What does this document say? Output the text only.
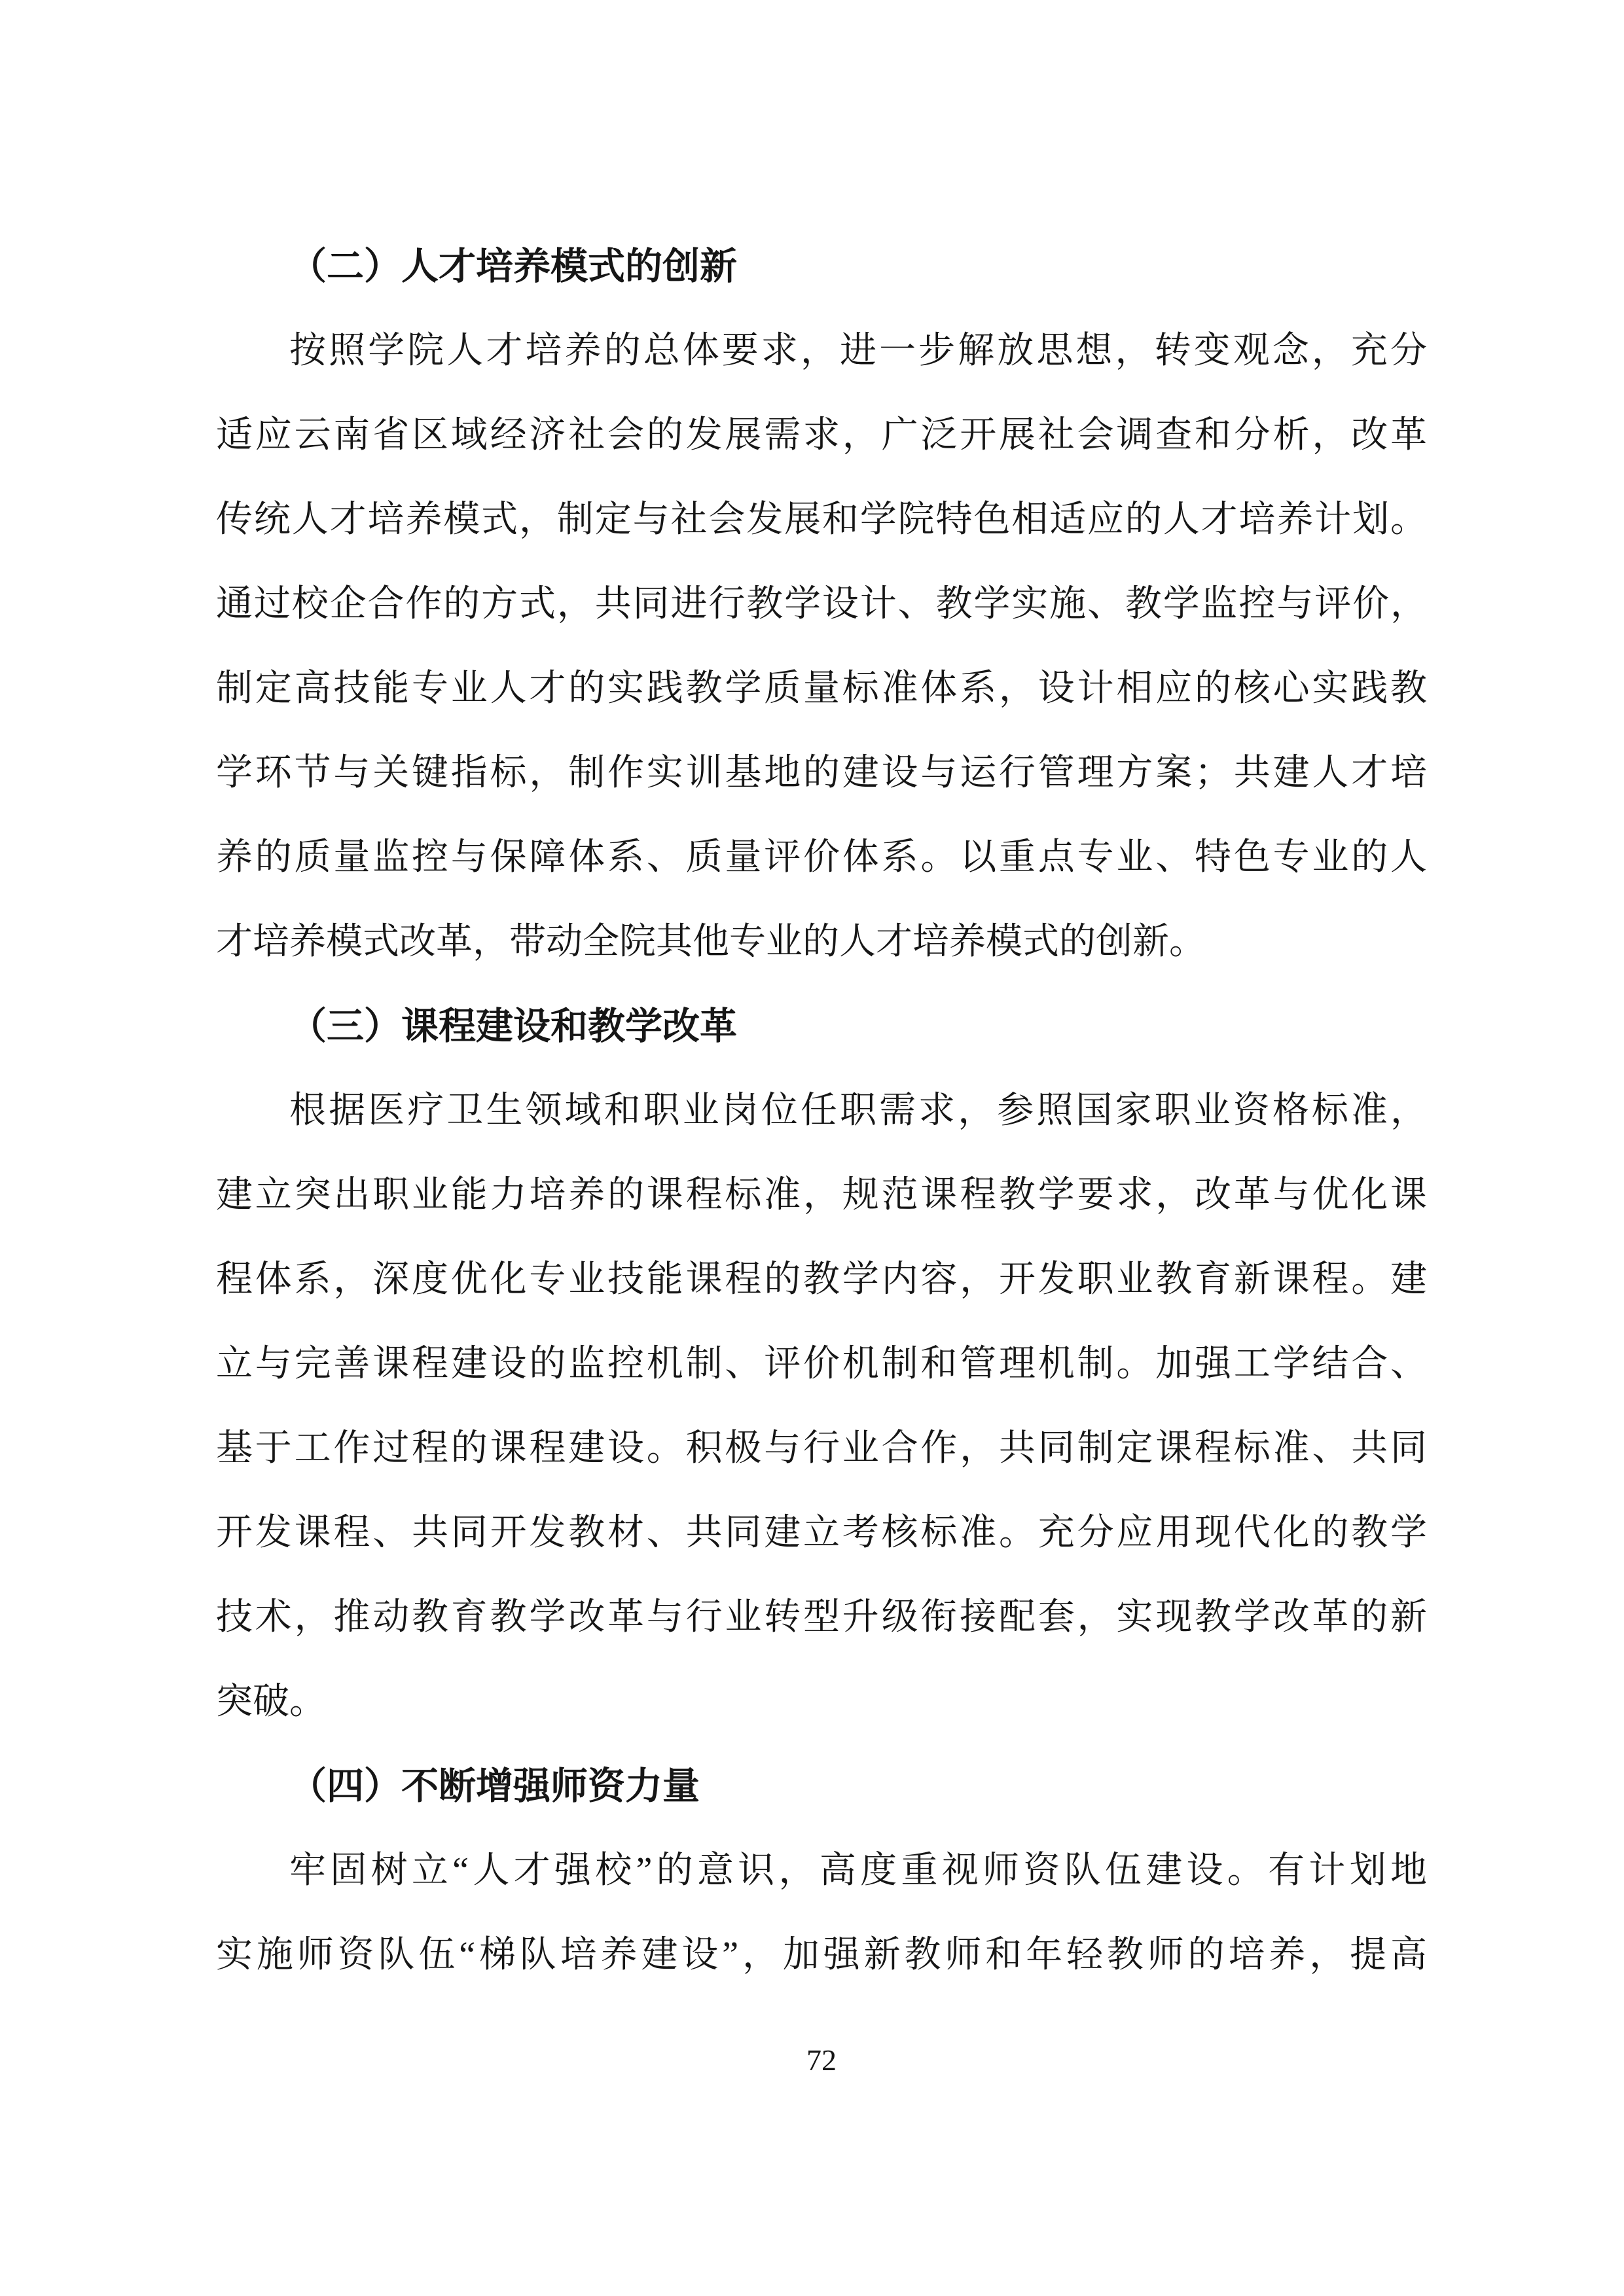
（二）人才培养模式的创新
按照学院人才培养的总体要求，进一步解放思想，转变观念，充分
适应云南省区域经济社会的发展需求，广泛开展社会调查和分析，改革
传统人才培养模式，制定与社会发展和学院特色相适应的人才培养计划。
通过校企合作的方式，共同进行教学设计、教学实施、教学监控与评价，
制定高技能专业人才的实践教学质量标准体系，设计相应的核心实践教
学环节与关键指标，制作实训基地的建设与运行管理方案；共建人才培
养的质量监控与保障体系、质量评价体系。以重点专业、特色专业的人
才培养模式改革，带动全院其他专业的人才培养模式的创新。
（三）课程建设和教学改革
根据医疗卫生领域和职业岗位任职需求，参照国家职业资格标准，
建立突出职业能力培养的课程标准，规范课程教学要求，改革与优化课
程体系，深度优化专业技能课程的教学内容，开发职业教育新课程。建
立与完善课程建设的监控机制、评价机制和管理机制。加强工学结合、
基于工作过程的课程建设。积极与行业合作，共同制定课程标准、共同
开发课程、共同开发教材、共同建立考核标准。充分应用现代化的教学
技术，推动教育教学改革与行业转型升级衔接配套，实现教学改革的新
突破。
（四）不断增强师资力量
牢固树立“人才强校”的意识，高度重视师资队伍建设。有计划地
实施师资队伍“梯队培养建设”，加强新教师和年轻教师的培养，提高
72
